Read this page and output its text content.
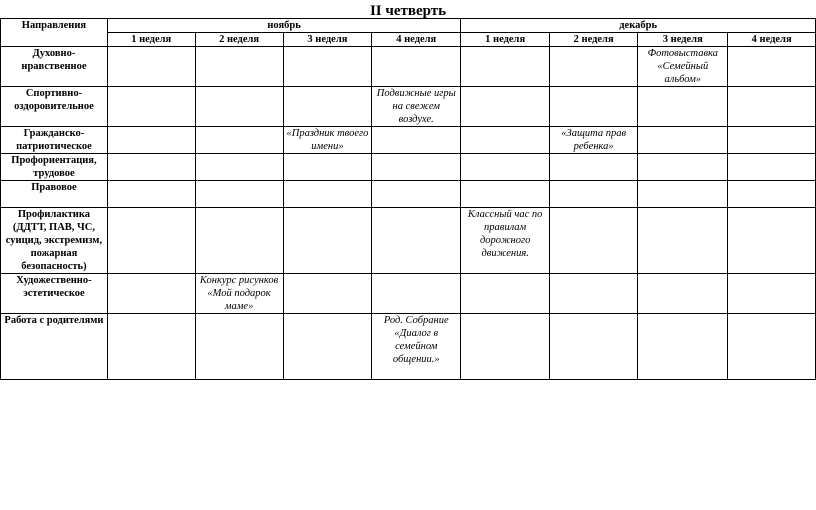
II четверть
Направления	ноябрь				декабрь			
	1 неделя	2 неделя	3 неделя	4 неделя	1 неделя	2 неделя	3 неделя	4 неделя
Духовно-нравственное							Фотовыставка «Семейный альбом»	
Спортивно-оздоровительное				Подвижные игры на свежем воздухе.				
Гражданско-патриотическое			«Праздник твоего имени»			«Защита прав ребенка»		
Профориентация, трудовое								
Правовое								
Профилактика (ДДТТ, ПАВ, ЧС, суицид, экстремизм, пожарная безопасность)					Классный час по правилам дорожного движения.			
Художественно-эстетическое		Конкурс рисунков «Мой подарок маме»						
Работа с родителями				Род. Собрание «Диалог в семейном общении.»				
